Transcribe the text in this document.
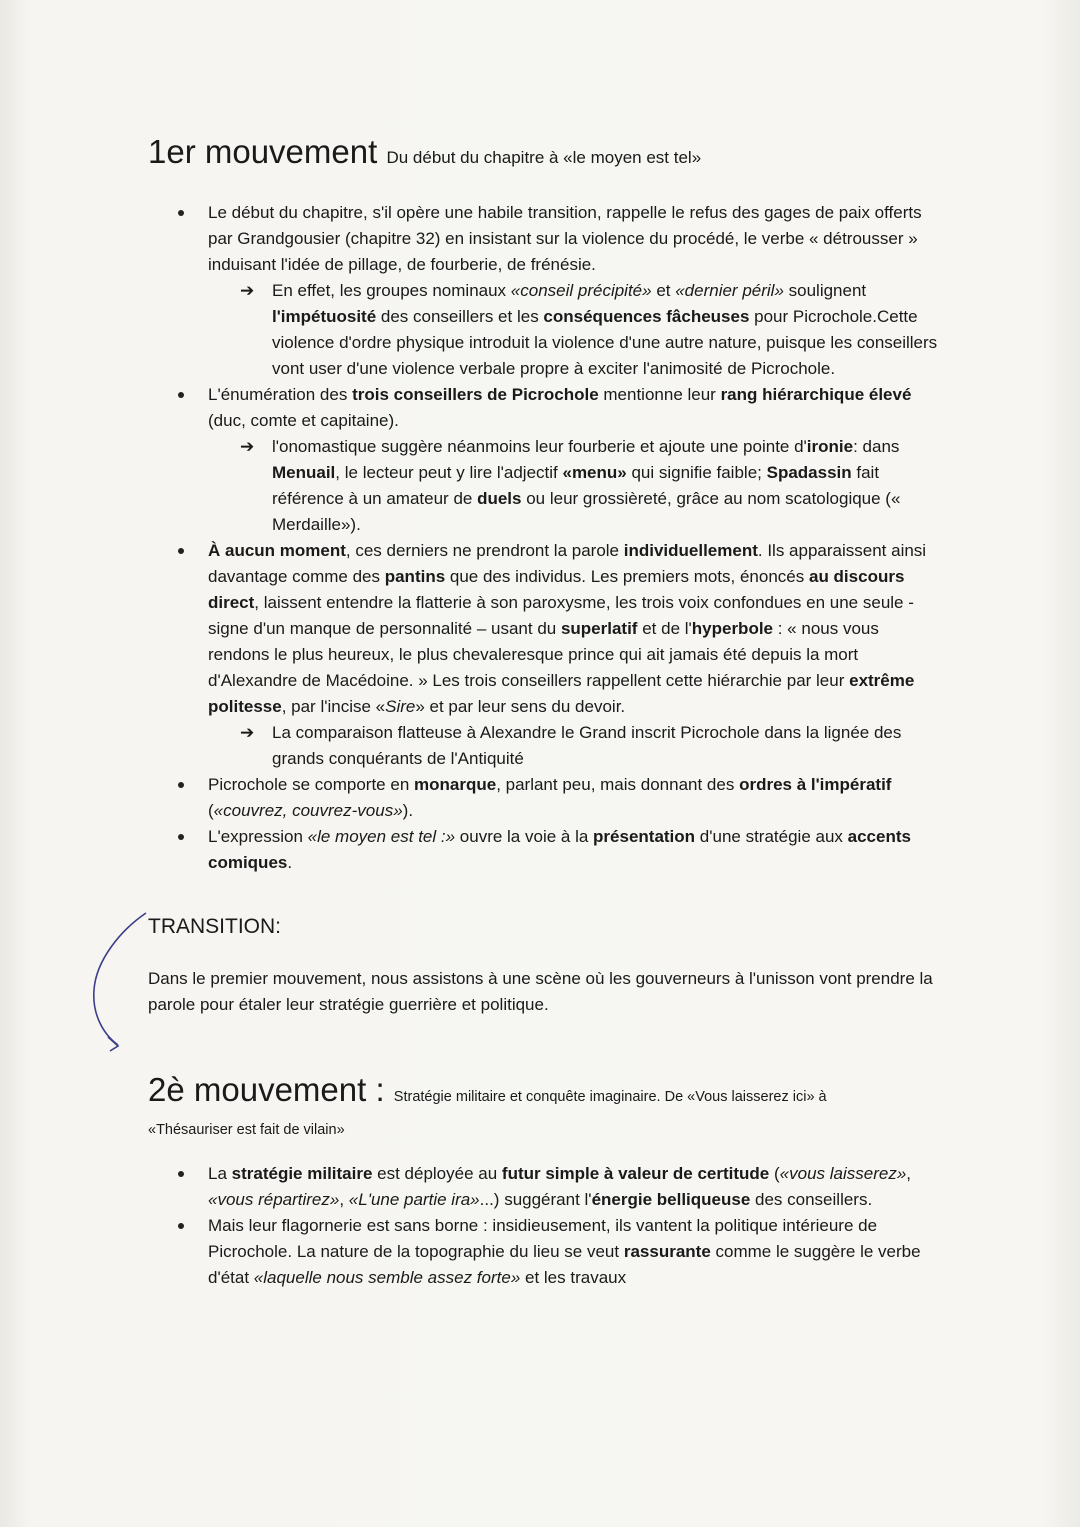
1er mouvement Du début du chapitre à «le moyen est tel»
Le début du chapitre, s'il opère une habile transition, rappelle le refus des gages de paix offerts par Grandgousier (chapitre 32) en insistant sur la violence du procédé, le verbe « détrousser » induisant l'idée de pillage, de fourberie, de frénésie.
➔ En effet, les groupes nominaux «conseil précipité» et «dernier péril» soulignent l'impétuosité des conseillers et les conséquences fâcheuses pour Picrochole.Cette violence d'ordre physique introduit la violence d'une autre nature, puisque les conseillers vont user d'une violence verbale propre à exciter l'animosité de Picrochole.
L'énumération des trois conseillers de Picrochole mentionne leur rang hiérarchique élevé (duc, comte et capitaine).
➔ l'onomastique suggère néanmoins leur fourberie et ajoute une pointe d'ironie: dans Menuail, le lecteur peut y lire l'adjectif «menu» qui signifie faible; Spadassin fait référence à un amateur de duels ou leur grossièreté, grâce au nom scatologique (« Merdaille»).
À aucun moment, ces derniers ne prendront la parole individuellement. Ils apparaissent ainsi davantage comme des pantins que des individus. Les premiers mots, énoncés au discours direct, laissent entendre la flatterie à son paroxysme, les trois voix confondues en une seule - signe d'un manque de personnalité – usant du superlatif et de l'hyperbole : « nous vous rendons le plus heureux, le plus chevaleresque prince qui ait jamais été depuis la mort d'Alexandre de Macédoine. » Les trois conseillers rappellent cette hiérarchie par leur extrême politesse, par l'incise «Sire» et par leur sens du devoir.
➔ La comparaison flatteuse à Alexandre le Grand inscrit Picrochole dans la lignée des grands conquérants de l'Antiquité
Picrochole se comporte en monarque, parlant peu, mais donnant des ordres à l'impératif («couvrez, couvrez-vous»).
L'expression «le moyen est tel :» ouvre la voie à la présentation d'une stratégie aux accents comiques.
TRANSITION:
Dans le premier mouvement, nous assistons à une scène où les gouverneurs à l'unisson vont prendre la parole pour étaler leur stratégie guerrière et politique.
2è mouvement : Stratégie militaire et conquête imaginaire. De «Vous laisserez ici» à
«Thésauriser est fait de vilain»
La stratégie militaire est déployée au futur simple à valeur de certitude («vous laisserez», «vous répartirez», «L'une partie ira»...) suggérant l'énergie belliqueuse des conseillers.
Mais leur flagornerie est sans borne : insidieusement, ils vantent la politique intérieure de Picrochole. La nature de la topographie du lieu se veut rassurante comme le suggère le verbe d'état «laquelle nous semble assez forte» et les travaux
